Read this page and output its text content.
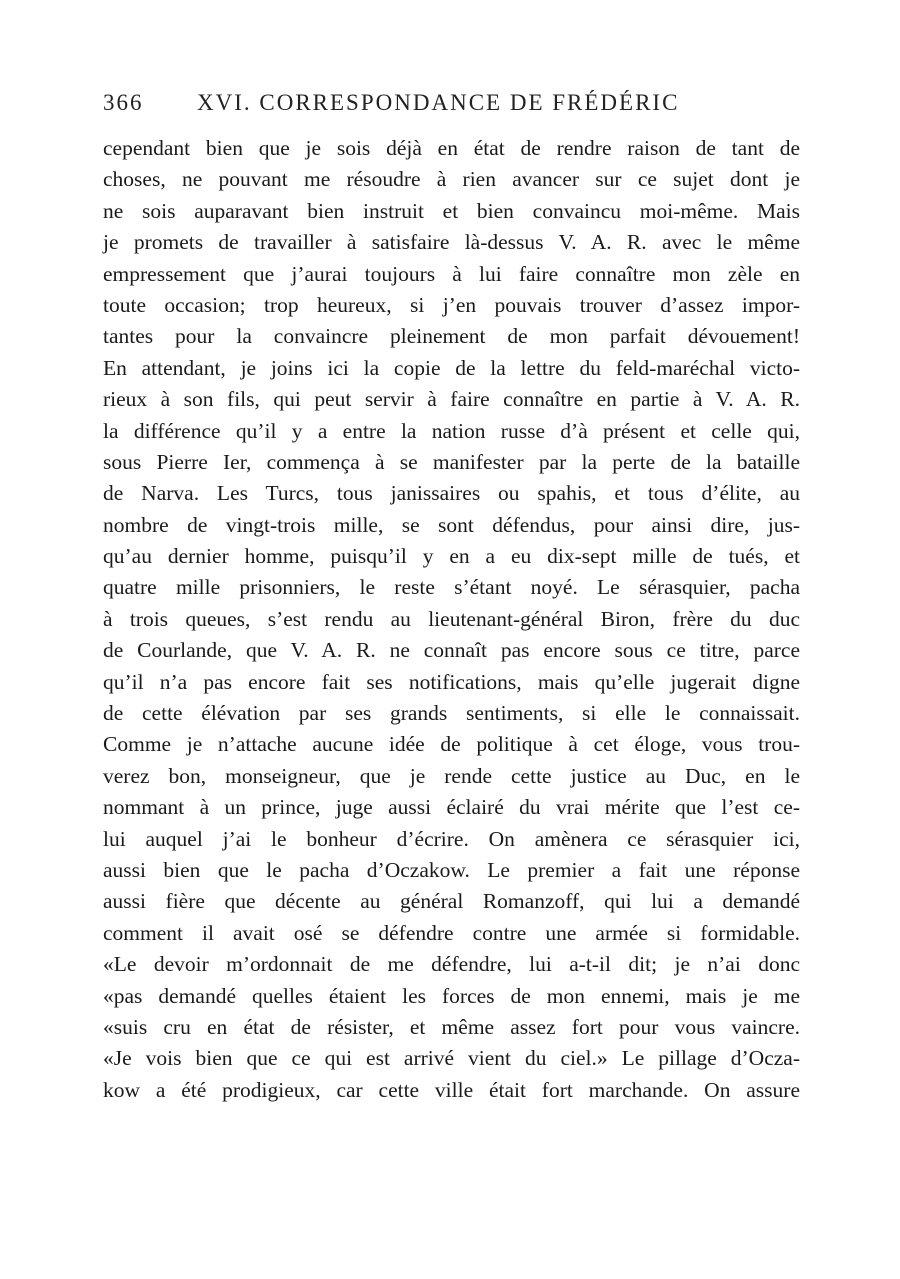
366 XVI. CORRESPONDANCE DE FRÉDÉRIC
cependant bien que je sois déjà en état de rendre raison de tant de
choses, ne pouvant me résoudre à rien avancer sur ce sujet dont je
ne sois auparavant bien instruit et bien convaincu moi-même. Mais
je promets de travailler à satisfaire là-dessus V. A. R. avec le même
empressement que j’aurai toujours à lui faire connaître mon zèle en
toute occasion; trop heureux, si j’en pouvais trouver d’assez impor-
tantes pour la convaincre pleinement de mon parfait dévouement!
En attendant, je joins ici la copie de la lettre du feld-maréchal victo-
rieux à son fils, qui peut servir à faire connaître en partie à V. A. R.
la différence qu’il y a entre la nation russe d’à présent et celle qui,
sous Pierre Ier, commença à se manifester par la perte de la bataille
de Narva. Les Turcs, tous janissaires ou spahis, et tous d’élite, au
nombre de vingt-trois mille, se sont défendus, pour ainsi dire, jus-
qu’au dernier homme, puisqu’il y en a eu dix-sept mille de tués, et
quatre mille prisonniers, le reste s’étant noyé. Le sérasquier, pacha
à trois queues, s’est rendu au lieutenant-général Biron, frère du duc
de Courlande, que V. A. R. ne connaît pas encore sous ce titre, parce
qu’il n’a pas encore fait ses notifications, mais qu’elle jugerait digne
de cette élévation par ses grands sentiments, si elle le connaissait.
Comme je n’attache aucune idée de politique à cet éloge, vous trou-
verez bon, monseigneur, que je rende cette justice au Duc, en le
nommant à un prince, juge aussi éclairé du vrai mérite que l’est ce-
lui auquel j’ai le bonheur d’écrire. On amènera ce sérasquier ici,
aussi bien que le pacha d’Oczakow. Le premier a fait une réponse
aussi fière que décente au général Romanzoff, qui lui a demandé
comment il avait osé se défendre contre une armée si formidable.
«Le devoir m’ordonnait de me défendre, lui a-t-il dit; je n’ai donc
«pas demandé quelles étaient les forces de mon ennemi, mais je me
«suis cru en état de résister, et même assez fort pour vous vaincre.
«Je vois bien que ce qui est arrivé vient du ciel.» Le pillage d’Ocza-
kow a été prodigieux, car cette ville était fort marchande. On assure
